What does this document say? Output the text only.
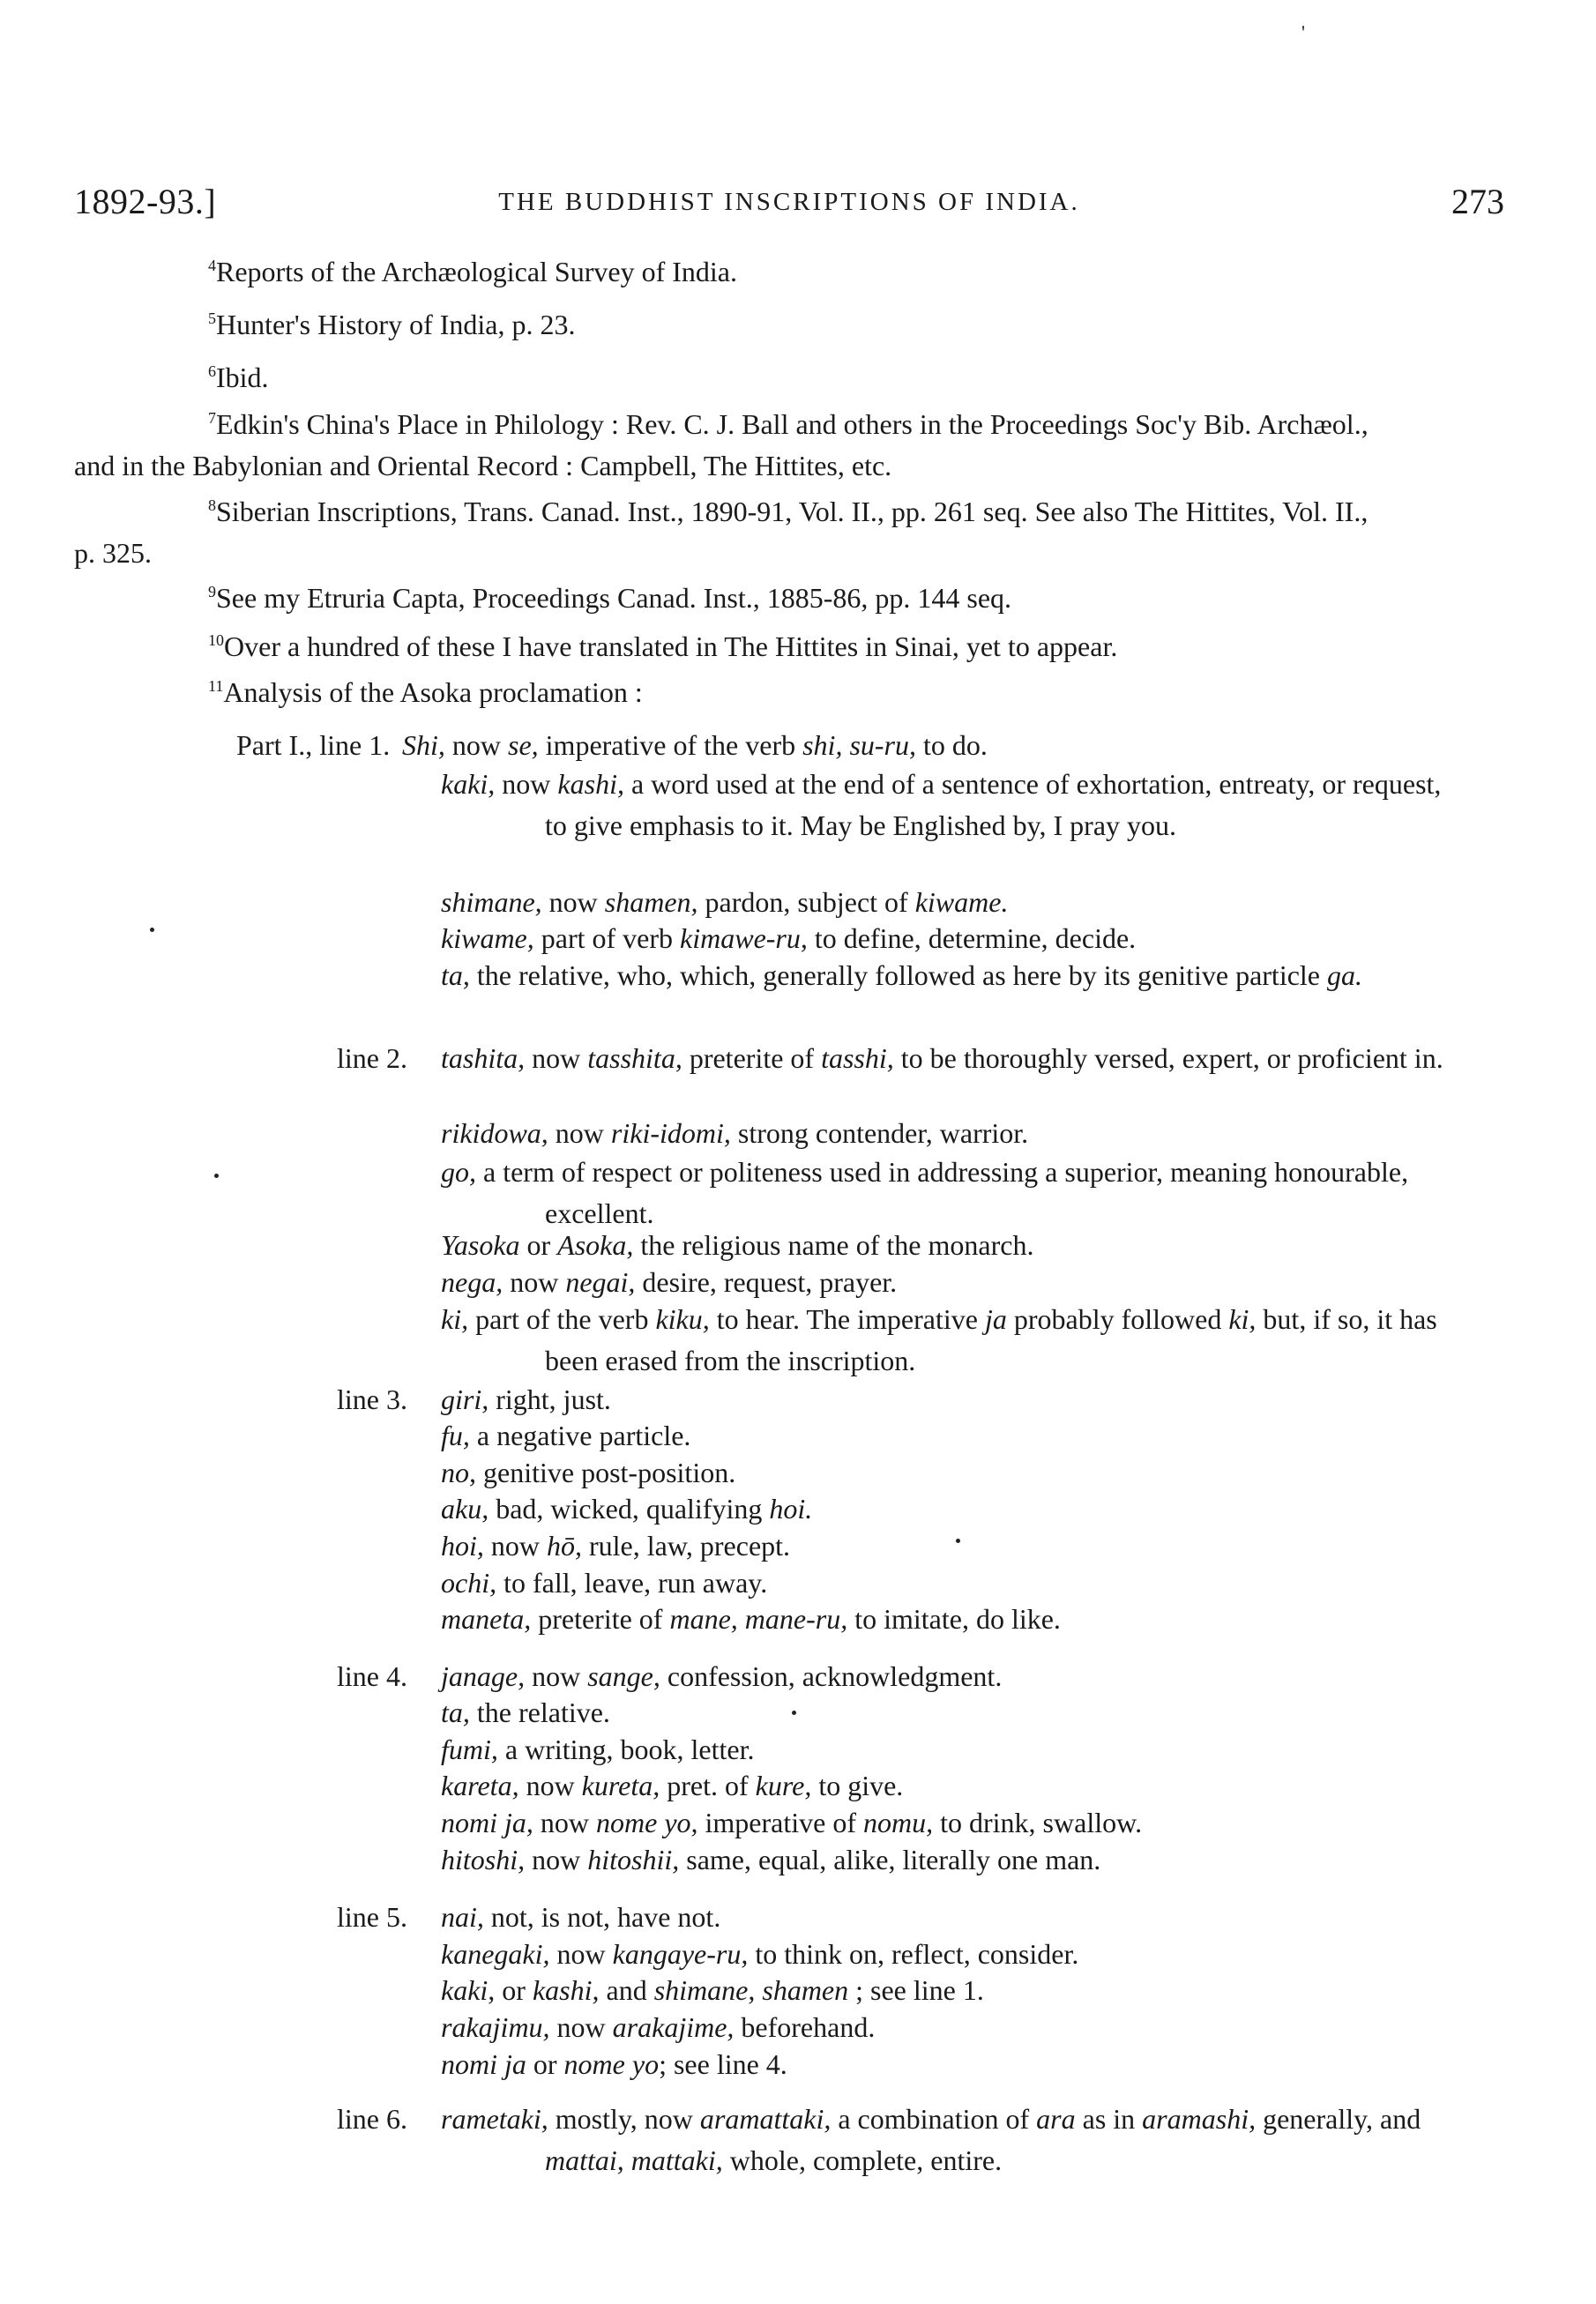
1892-93.]	THE BUDDHIST INSCRIPTIONS OF INDIA.	273
'
$^4$Reports of the Archæological Survey of India.
$^5$Hunter's History of India, p. 23.
$^6$Ibid.
$^7$Edkin's China's Place in Philology : Rev. C. J. Ball and others in the Proceedings Soc'y Bib. Archæol., and in the Babylonian and Oriental Record : Campbell, The Hittites, etc.
$^8$Siberian Inscriptions, Trans. Canad. Inst., 1890-91, Vol. II., pp. 261 seq. See also The Hittites, Vol. II., p. 325.
$^9$See my Etruria Capta, Proceedings Canad. Inst., 1885-86, pp. 144 seq.
$^{10}$Over a hundred of these I have translated in The Hittites in Sinai, yet to appear.
$^{11}$Analysis of the Asoka proclamation :
Part I., line 1. Shi, now se, imperative of the verb shi, su-ru, to do.
kaki, now kashi, a word used at the end of a sentence of exhortation, entreaty, or request, to give emphasis to it. May be Englished by, I pray you.
shimane, now shamen, pardon, subject of kiwame.
kiwame, part of verb kimawe-ru, to define, determine, decide.
ta, the relative, who, which, generally followed as here by its genitive particle ga.
line 2. tashita, now tasshita, preterite of tasshi, to be thoroughly versed, expert, or proficient in.
rikidowa, now riki-idomi, strong contender, warrior.
go, a term of respect or politeness used in addressing a superior, meaning honourable, excellent.
Yasoka or Asoka, the religious name of the monarch.
nega, now negai, desire, request, prayer.
ki, part of the verb kiku, to hear. The imperative ja probably followed ki, but, if so, it has been erased from the inscription.
line 3. giri, right, just.
fu, a negative particle.
no, genitive post-position.
aku, bad, wicked, qualifying hoi.
hoi, now hō, rule, law, precept.
ochi, to fall, leave, run away.
maneta, preterite of mane, mane-ru, to imitate, do like.
line 4. janage, now sange, confession, acknowledgment.
ta, the relative.
fumi, a writing, book, letter.
kareta, now kureta, pret. of kure, to give.
nomi ja, now nome yo, imperative of nomu, to drink, swallow.
hitoshi, now hitoshii, same, equal, alike, literally one man.
line 5. nai, not, is not, have not.
kanegaki, now kangaye-ru, to think on, reflect, consider.
kaki, or kashi, and shimane, shamen ; see line 1.
rakajimu, now arakajime, beforehand.
nomi ja or nome yo; see line 4.
line 6. rametaki, mostly, now aramattaki, a combination of ara as in aramashi, generally, and mattai, mattaki, whole, complete, entire.
